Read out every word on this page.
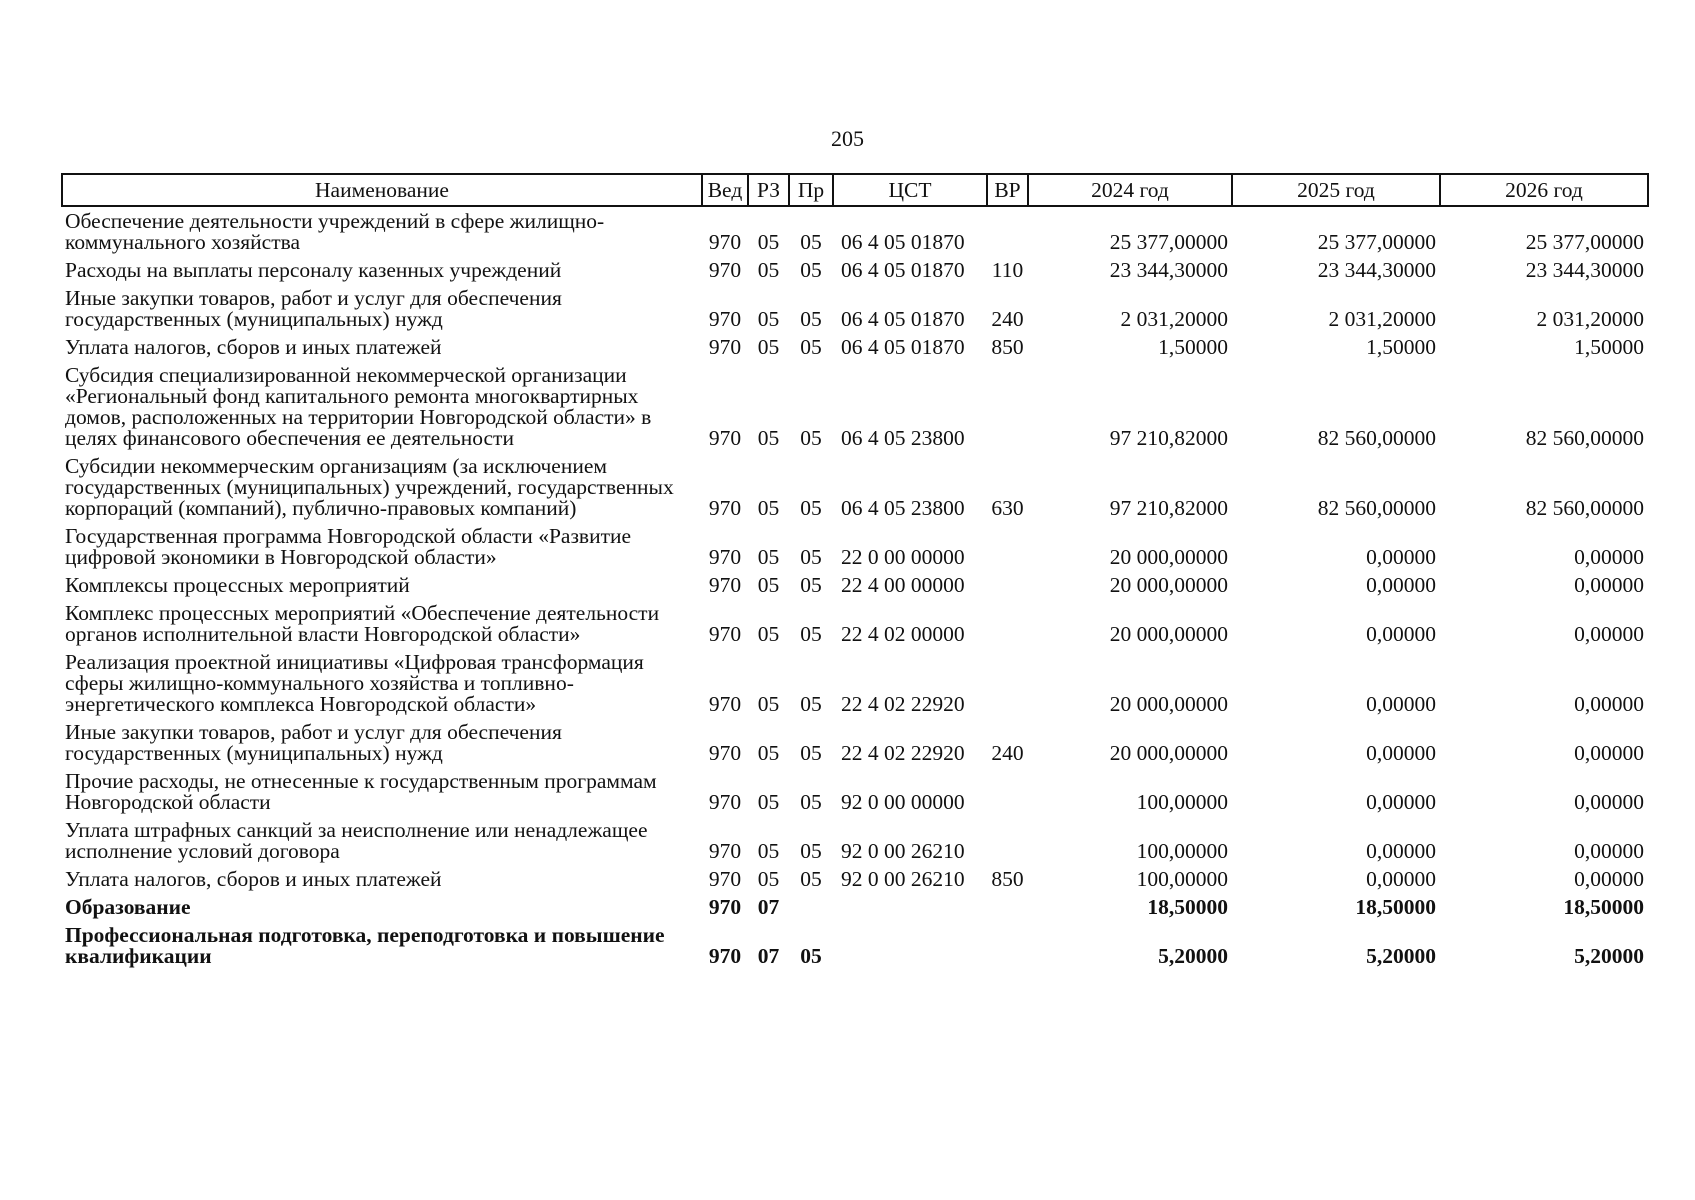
205
Наименование	Вед	РЗ	Пр	ЦСТ	ВР	2024 год	2025 год	2026 год
Обеспечение деятельности учреждений в сфере жилищно-коммунального хозяйства	970	05	05	06 4 05 01870		25 377,00000	25 377,00000	25 377,00000
Расходы на выплаты персоналу казенных учреждений	970	05	05	06 4 05 01870	110	23 344,30000	23 344,30000	23 344,30000
Иные закупки товаров, работ и услуг для обеспечения государственных (муниципальных) нужд	970	05	05	06 4 05 01870	240	2 031,20000	2 031,20000	2 031,20000
Уплата налогов, сборов и иных платежей	970	05	05	06 4 05 01870	850	1,50000	1,50000	1,50000
Субсидия специализированной некоммерческой организации «Региональный фонд капитального ремонта многоквартирных домов, расположенных на территории Новгородской области» в целях финансового обеспечения ее деятельности	970	05	05	06 4 05 23800		97 210,82000	82 560,00000	82 560,00000
Субсидии некоммерческим организациям (за исключением государственных (муниципальных) учреждений, государственных корпораций (компаний), публично-правовых компаний)	970	05	05	06 4 05 23800	630	97 210,82000	82 560,00000	82 560,00000
Государственная программа Новгородской области «Развитие цифровой экономики в Новгородской области»	970	05	05	22 0 00 00000		20 000,00000	0,00000	0,00000
Комплексы процессных мероприятий	970	05	05	22 4 00 00000		20 000,00000	0,00000	0,00000
Комплекс процессных мероприятий «Обеспечение деятельности органов исполнительной власти Новгородской области»	970	05	05	22 4 02 00000		20 000,00000	0,00000	0,00000
Реализация проектной инициативы «Цифровая трансформация сферы жилищно-коммунального хозяйства и топливно-энергетического комплекса Новгородской области»	970	05	05	22 4 02 22920		20 000,00000	0,00000	0,00000
Иные закупки товаров, работ и услуг для обеспечения государственных (муниципальных) нужд	970	05	05	22 4 02 22920	240	20 000,00000	0,00000	0,00000
Прочие расходы, не отнесенные к государственным программам Новгородской области	970	05	05	92 0 00 00000		100,00000	0,00000	0,00000
Уплата штрафных санкций за неисполнение или ненадлежащее исполнение условий договора	970	05	05	92 0 00 26210		100,00000	0,00000	0,00000
Уплата налогов, сборов и иных платежей	970	05	05	92 0 00 26210	850	100,00000	0,00000	0,00000
Образование	970	07				18,50000	18,50000	18,50000
Профессиональная подготовка, переподготовка и повышение квалификации	970	07	05			5,20000	5,20000	5,20000
